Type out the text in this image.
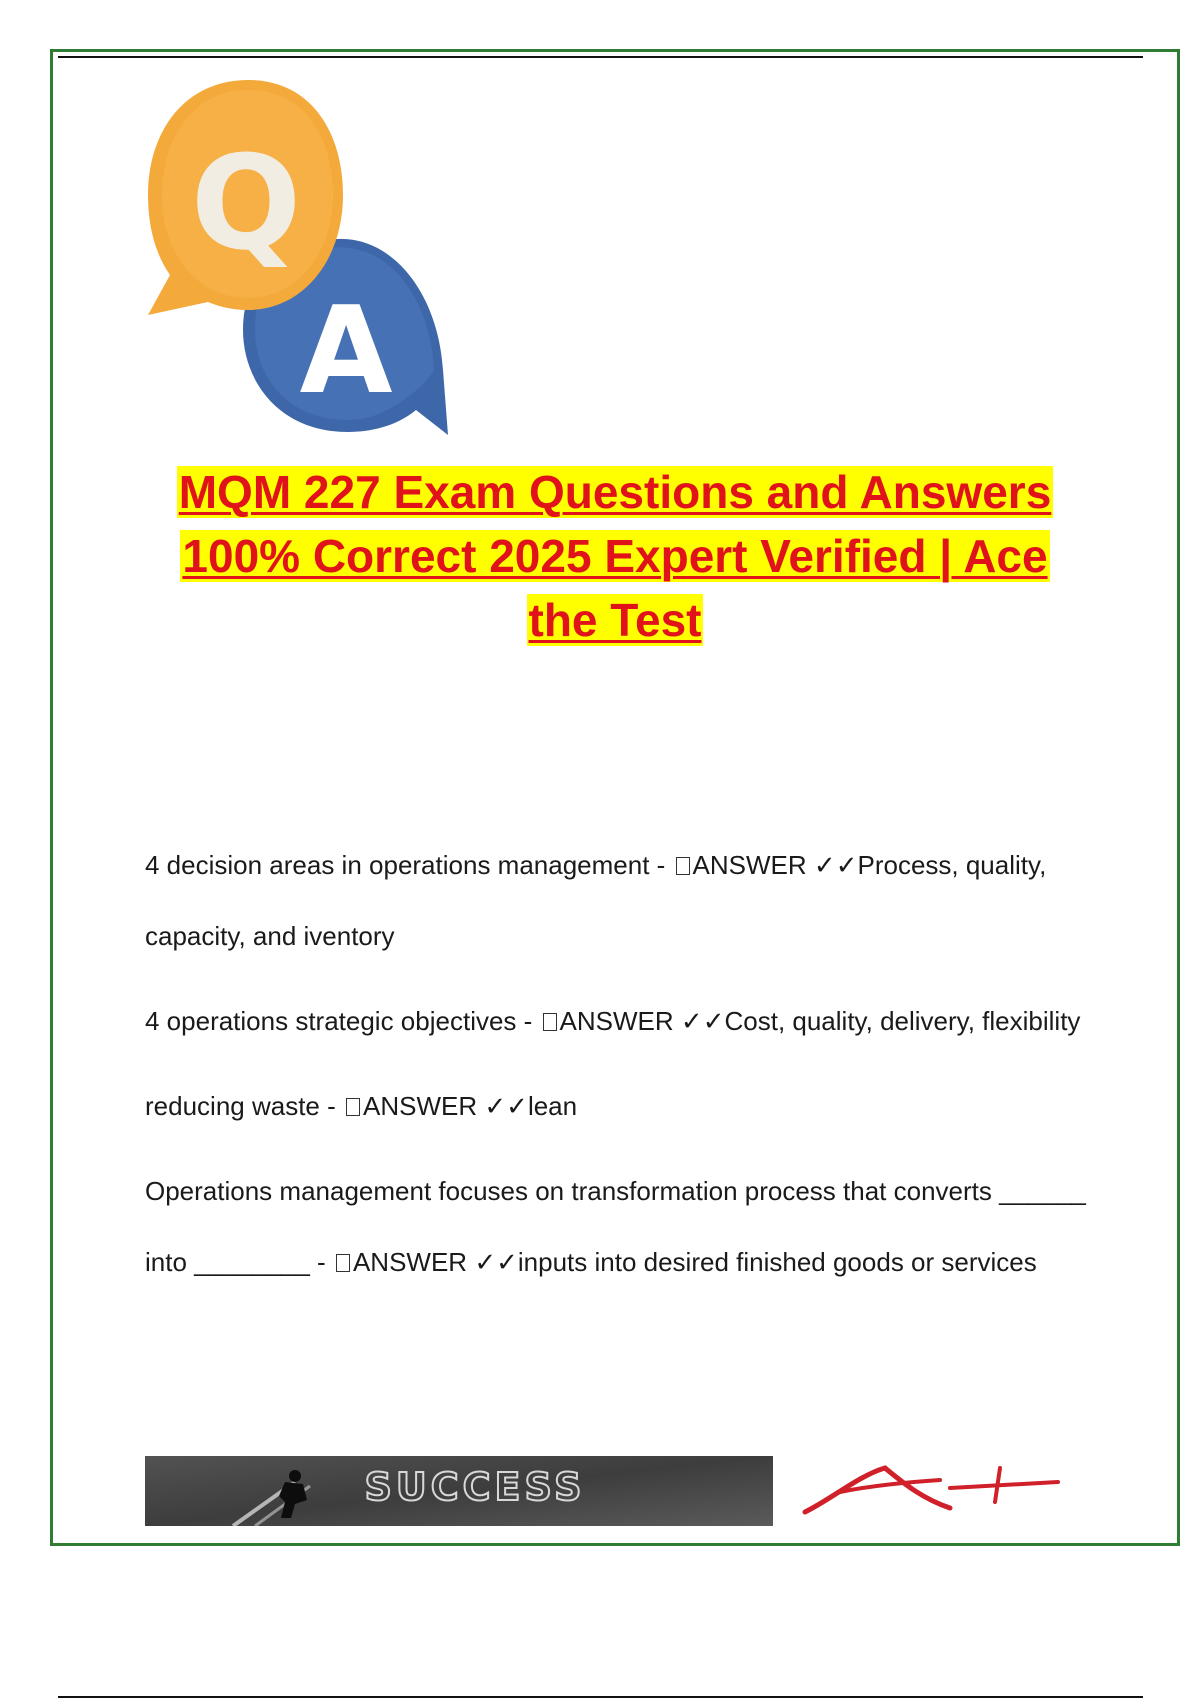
A
Q
MQM 227 Exam Questions and Answers
100% Correct 2025 Expert Verified | Ace
the Test
4 decision areas in operations management - ANSWER ✓✓Process, quality, capacity, and iventory
4 operations strategic objectives - ANSWER ✓✓Cost, quality, delivery, flexibility
reducing waste - ANSWER ✓✓lean
Operations management focuses on transformation process that converts ______ into ________ - ANSWER ✓✓inputs into desired finished goods or services
SUCCESS
A+
